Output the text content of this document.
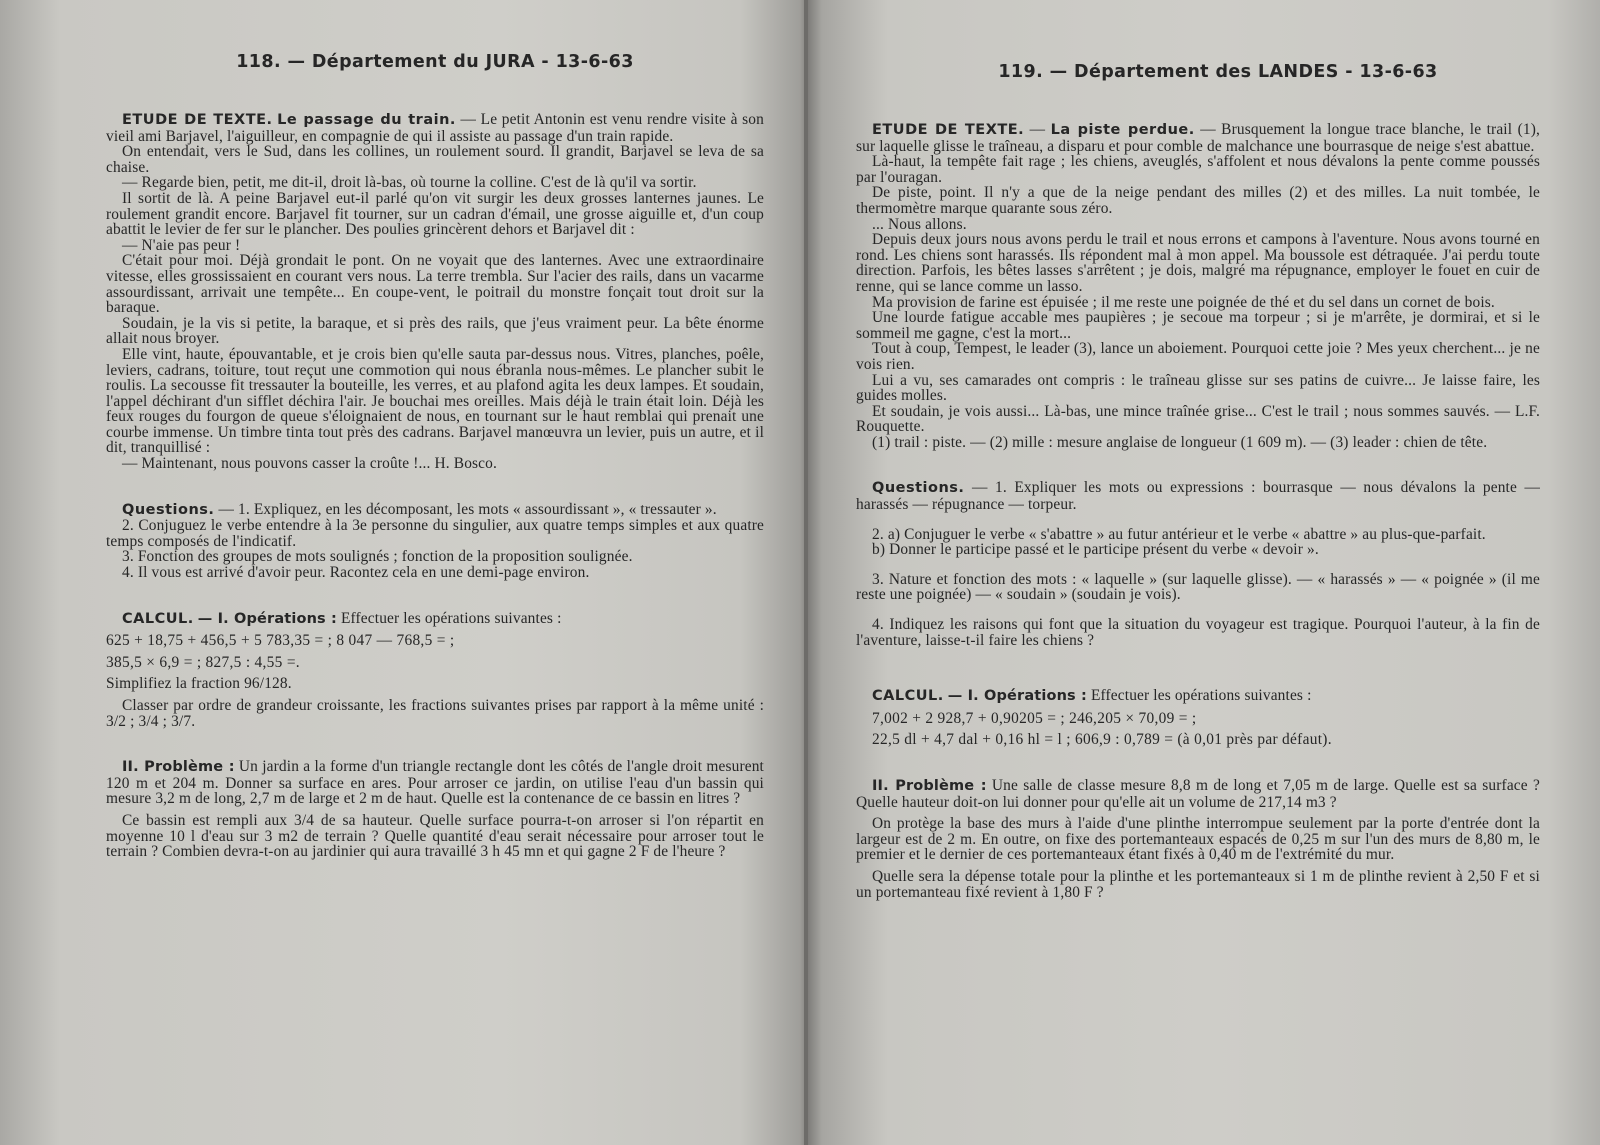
118. — Département du JURA - 13-6-63

ETUDE DE TEXTE. Le passage du train. — Le petit Antonin est venu rendre visite à son vieil ami Barjavel, l'aiguilleur, en compagnie de qui il assiste au passage d'un train rapide.

On entendait, vers le Sud, dans les collines, un roulement sourd. Il grandit, Barjavel se leva de sa chaise.

— Regarde bien, petit, me dit-il, droit là-bas, où tourne la colline. C'est de là qu'il va sortir.

Il sortit de là. A peine Barjavel eut-il parlé qu'on vit surgir les deux grosses lanternes jaunes. Le roulement grandit encore. Barjavel fit tourner, sur un cadran d'émail, une grosse aiguille et, d'un coup abattit le levier de fer sur le plancher. Des poulies grincèrent dehors et Barjavel dit :

— N'aie pas peur !

C'était pour moi. Déjà grondait le pont. On ne voyait que des lanternes. Avec une extraordinaire vitesse, elles grossissaient en courant vers nous. La terre trembla. Sur l'acier des rails, dans un vacarme assourdissant, arrivait une tempête... En coupe-vent, le poitrail du monstre fonçait tout droit sur la baraque.

Soudain, je la vis si petite, la baraque, et si près des rails, que j'eus vraiment peur. La bête énorme allait nous broyer.

Elle vint, haute, épouvantable, et je crois bien qu'elle sauta par-dessus nous. Vitres, planches, poêle, leviers, cadrans, toiture, tout reçut une commotion qui nous ébranla nous-mêmes. Le plancher subit le roulis. La secousse fit tressauter la bouteille, les verres, et au plafond agita les deux lampes. Et soudain, l'appel déchirant d'un sifflet déchira l'air. Je bouchai mes oreilles. Mais déjà le train était loin. Déjà les feux rouges du fourgon de queue s'éloignaient de nous, en tournant sur le haut remblai qui prenait une courbe immense. Un timbre tinta tout près des cadrans. Barjavel manœuvra un levier, puis un autre, et il dit, tranquillisé :

— Maintenant, nous pouvons casser la croûte !... H. Bosco.

Questions. — 1. Expliquez, en les décomposant, les mots « assourdissant », « tressauter ».

2. Conjuguez le verbe entendre à la 3e personne du singulier, aux quatre temps simples et aux quatre temps composés de l'indicatif.

3. Fonction des groupes de mots soulignés ; fonction de la proposition soulignée.

4. Il vous est arrivé d'avoir peur. Racontez cela en une demi-page environ.

CALCUL. — I. Opérations : Effectuer les opérations suivantes :

625 + 18,75 + 456,5 + 5 783,35 = ; 8 047 — 768,5 = ;

385,5 × 6,9 = ; 827,5 : 4,55 =.

Simplifiez la fraction 96/128.

Classer par ordre de grandeur croissante, les fractions suivantes prises par rapport à la même unité : 3/2 ; 3/4 ; 3/7.

II. Problème : Un jardin a la forme d'un triangle rectangle dont les côtés de l'angle droit mesurent 120 m et 204 m. Donner sa surface en ares. Pour arroser ce jardin, on utilise l'eau d'un bassin qui mesure 3,2 m de long, 2,7 m de large et 2 m de haut. Quelle est la contenance de ce bassin en litres ?

Ce bassin est rempli aux 3/4 de sa hauteur. Quelle surface pourra-t-on arroser si l'on répartit en moyenne 10 l d'eau sur 3 m2 de terrain ? Quelle quantité d'eau serait nécessaire pour arroser tout le terrain ? Combien devra-t-on au jardinier qui aura travaillé 3 h 45 mn et qui gagne 2 F de l'heure ?

119. — Département des LANDES - 13-6-63

ETUDE DE TEXTE. — La piste perdue. — Brusquement la longue trace blanche, le trail (1), sur laquelle glisse le traîneau, a disparu et pour comble de malchance une bourrasque de neige s'est abattue.

Là-haut, la tempête fait rage ; les chiens, aveuglés, s'affolent et nous dévalons la pente comme poussés par l'ouragan.

De piste, point. Il n'y a que de la neige pendant des milles (2) et des milles. La nuit tombée, le thermomètre marque quarante sous zéro.

... Nous allons.

Depuis deux jours nous avons perdu le trail et nous errons et campons à l'aventure. Nous avons tourné en rond. Les chiens sont harassés. Ils répondent mal à mon appel. Ma boussole est détraquée. J'ai perdu toute direction. Parfois, les bêtes lasses s'arrêtent ; je dois, malgré ma répugnance, employer le fouet en cuir de renne, qui se lance comme un lasso.

Ma provision de farine est épuisée ; il me reste une poignée de thé et du sel dans un cornet de bois.

Une lourde fatigue accable mes paupières ; je secoue ma torpeur ; si je m'arrête, je dormirai, et si le sommeil me gagne, c'est la mort...

Tout à coup, Tempest, le leader (3), lance un aboiement. Pourquoi cette joie ? Mes yeux cherchent... je ne vois rien.

Lui a vu, ses camarades ont compris : le traîneau glisse sur ses patins de cuivre... Je laisse faire, les guides molles.

Et soudain, je vois aussi... Là-bas, une mince traînée grise... C'est le trail ; nous sommes sauvés. — L.F. Rouquette.

(1) trail : piste. — (2) mille : mesure anglaise de longueur (1 609 m). — (3) leader : chien de tête.

Questions. — 1. Expliquer les mots ou expressions : bourrasque — nous dévalons la pente — harassés — répugnance — torpeur.

2. a) Conjuguer le verbe « s'abattre » au futur antérieur et le verbe « abattre » au plus-que-parfait.

b) Donner le participe passé et le participe présent du verbe « devoir ».

3. Nature et fonction des mots : « laquelle » (sur laquelle glisse). — « harassés » — « poignée » (il me reste une poignée) — « soudain » (soudain je vois).

4. Indiquez les raisons qui font que la situation du voyageur est tragique. Pourquoi l'auteur, à la fin de l'aventure, laisse-t-il faire les chiens ?

CALCUL. — I. Opérations : Effectuer les opérations suivantes :

7,002 + 2 928,7 + 0,90205 = ; 246,205 × 70,09 = ;

22,5 dl + 4,7 dal + 0,16 hl = l ; 606,9 : 0,789 = (à 0,01 près par défaut).

II. Problème : Une salle de classe mesure 8,8 m de long et 7,05 m de large. Quelle est sa surface ? Quelle hauteur doit-on lui donner pour qu'elle ait un volume de 217,14 m3 ?

On protège la base des murs à l'aide d'une plinthe interrompue seulement par la porte d'entrée dont la largeur est de 2 m. En outre, on fixe des portemanteaux espacés de 0,25 m sur l'un des murs de 8,80 m, le premier et le dernier de ces portemanteaux étant fixés à 0,40 m de l'extrémité du mur.

Quelle sera la dépense totale pour la plinthe et les portemanteaux si 1 m de plinthe revient à 2,50 F et si un portemanteau fixé revient à 1,80 F ?
